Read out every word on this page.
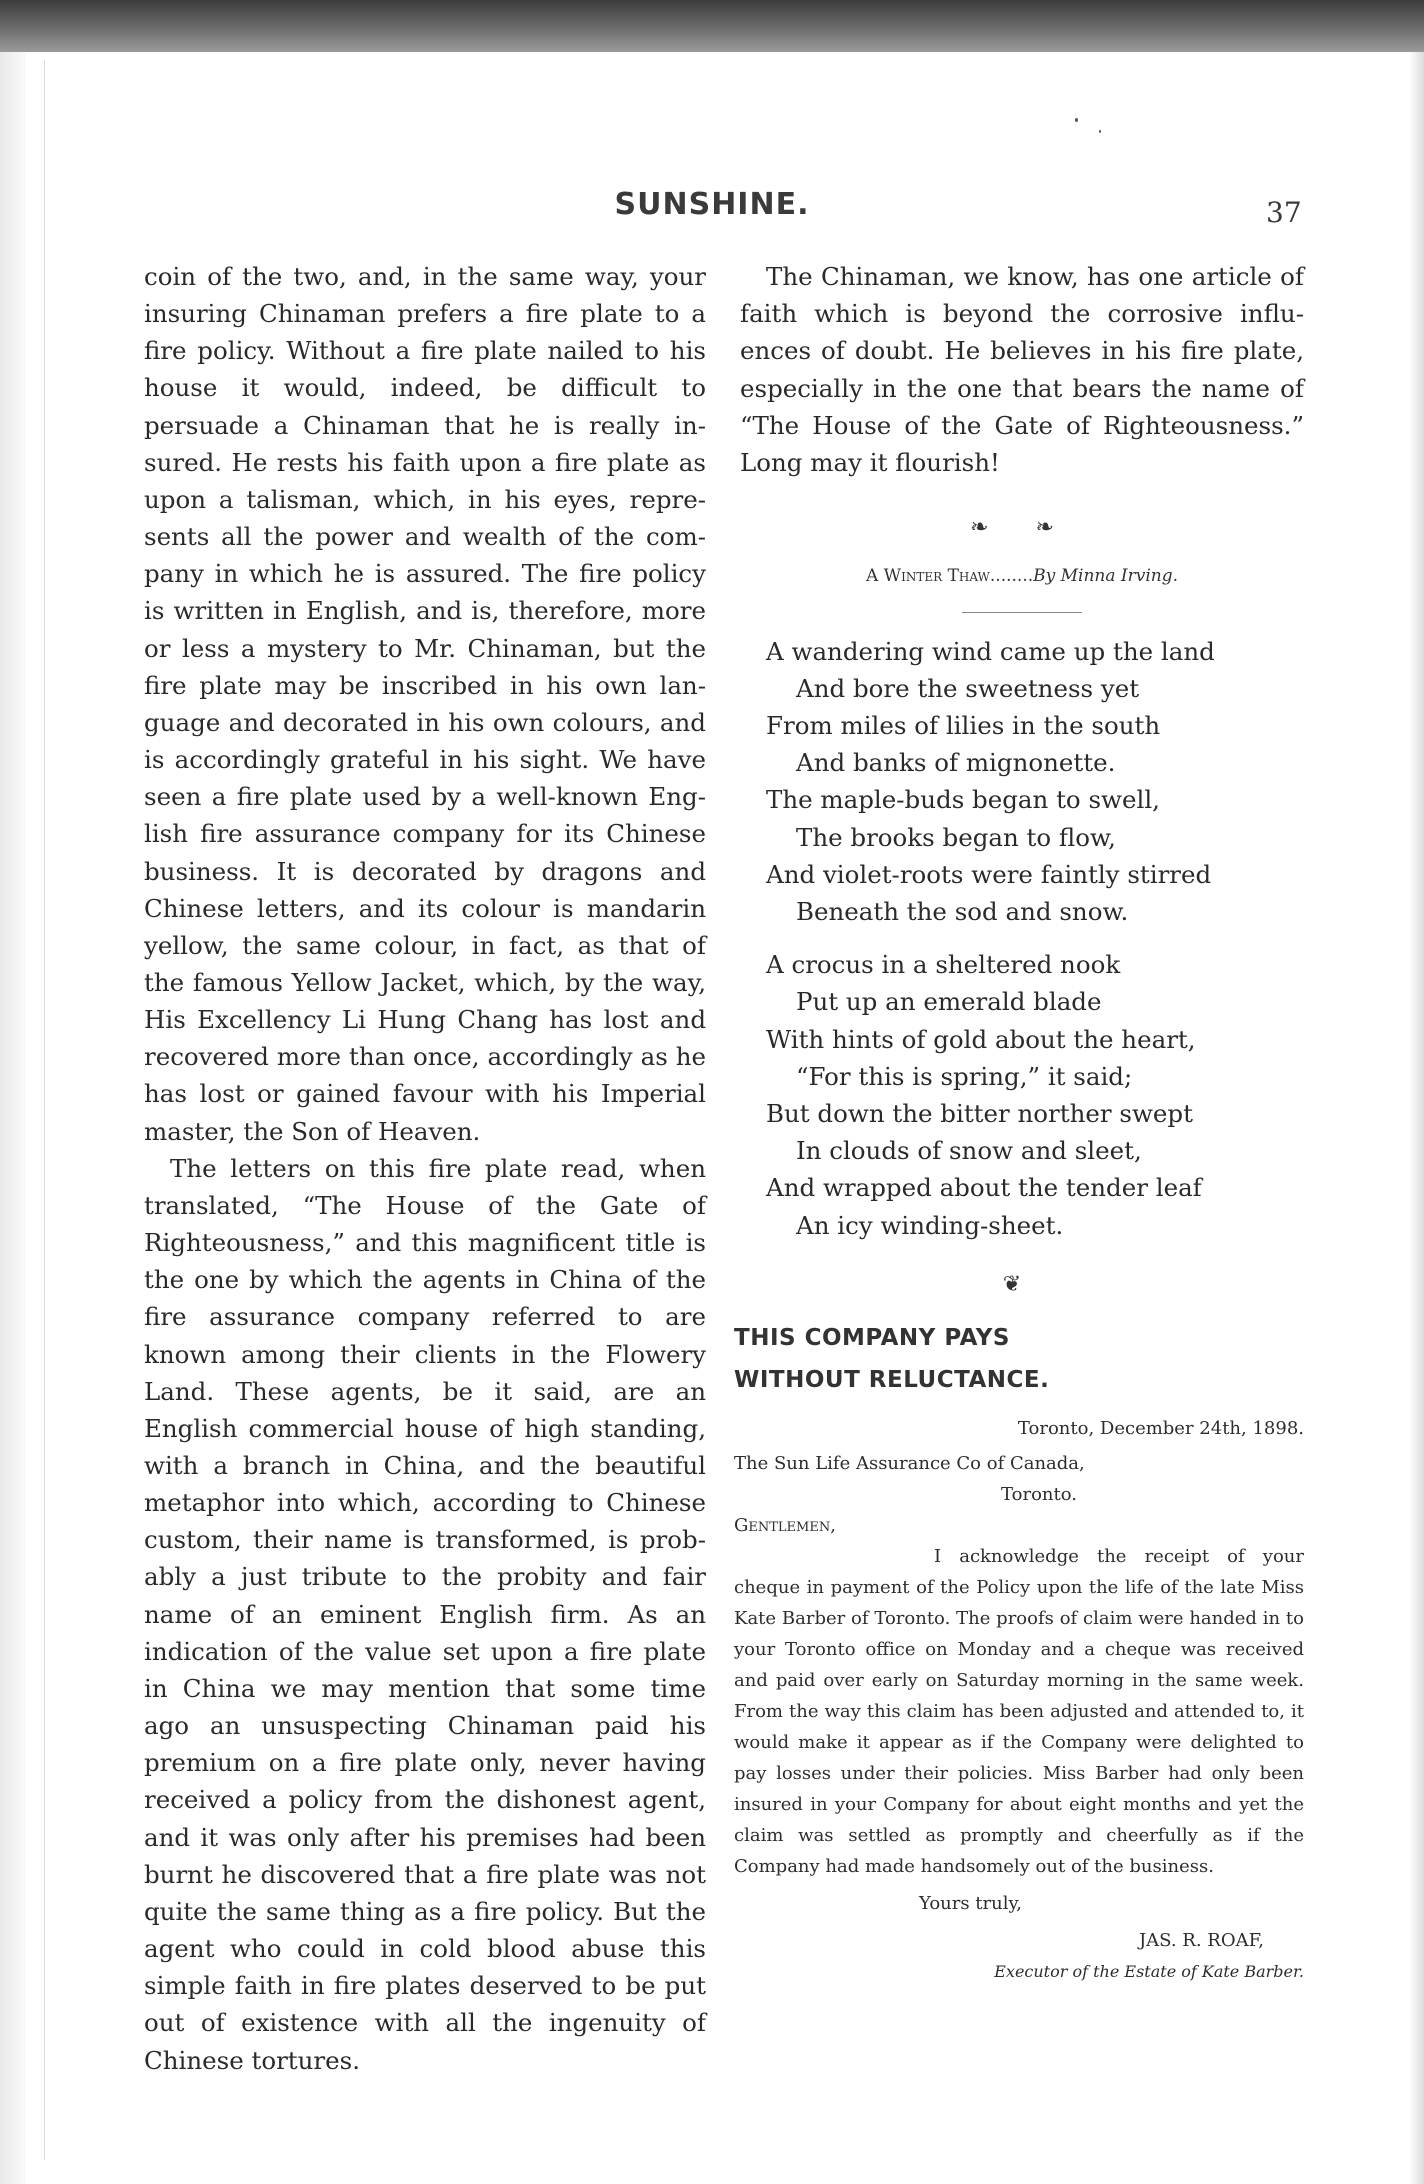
SUNSHINE.	37

coin of the two, and, in the same way, your insuring Chinaman prefers a fire plate to a fire policy. Without a fire plate nailed to his house it would, indeed, be difficult to persuade a Chinaman that he is really insured. He rests his faith upon a fire plate as upon a talisman, which, in his eyes, represents all the power and wealth of the company in which he is assured. The fire policy is written in English, and is, therefore, more or less a mystery to Mr. Chinaman, but the fire plate may be inscribed in his own language and decorated in his own colours, and is accordingly grateful in his sight. We have seen a fire plate used by a well-known English fire assurance company for its Chinese business. It is decorated by dragons and Chinese letters, and its colour is mandarin yellow, the same colour, in fact, as that of the famous Yellow Jacket, which, by the way, His Excellency Li Hung Chang has lost and recovered more than once, accordingly as he has lost or gained favour with his Imperial master, the Son of Heaven.

The letters on this fire plate read, when translated, “The House of the Gate of Righteousness,” and this magnificent title is the one by which the agents in China of the fire assurance company referred to are known among their clients in the Flowery Land. These agents, be it said, are an English commercial house of high standing, with a branch in China, and the beautiful metaphor into which, according to Chinese custom, their name is transformed, is probably a just tribute to the probity and fair name of an eminent English firm. As an indication of the value set upon a fire plate in China we may mention that some time ago an unsuspecting Chinaman paid his premium on a fire plate only, never having received a policy from the dishonest agent, and it was only after his premises had been burnt he discovered that a fire plate was not quite the same thing as a fire policy. But the agent who could in cold blood abuse this simple faith in fire plates deserved to be put out of existence with all the ingenuity of Chinese tortures.

The Chinaman, we know, has one article of faith which is beyond the corrosive influences of doubt. He believes in his fire plate, especially in the one that bears the name of “The House of the Gate of Righteousness.” Long may it flourish!

❧ ❧

A Winter Thaw........By Minna Irving.

A wandering wind came up the land
And bore the sweetness yet
From miles of lilies in the south
And banks of mignonette.
The maple-buds began to swell,
The brooks began to flow,
And violet-roots were faintly stirred
Beneath the sod and snow.
A crocus in a sheltered nook
Put up an emerald blade
With hints of gold about the heart,
“For this is spring,” it said;
But down the bitter norther swept
In clouds of snow and sleet,
And wrapped about the tender leaf
An icy winding-sheet.
❦

THIS COMPANY PAYS

WITHOUT RELUCTANCE.

Toronto, December 24th, 1898.

The Sun Life Assurance Co of Canada,

Toronto.

Gentlemen,

I acknowledge the receipt of your cheque in payment of the Policy upon the life of the late Miss Kate Barber of Toronto. The proofs of claim were handed in to your Toronto office on Monday and a cheque was received and paid over early on Saturday morning in the same week. From the way this claim has been adjusted and attended to, it would make it appear as if the Company were delighted to pay losses under their policies. Miss Barber had only been insured in your Company for about eight months and yet the claim was settled as promptly and cheerfully as if the Company had made handsomely out of the business.

Yours truly,

JAS. R. ROAF,

Executor of the Estate of Kate Barber.
